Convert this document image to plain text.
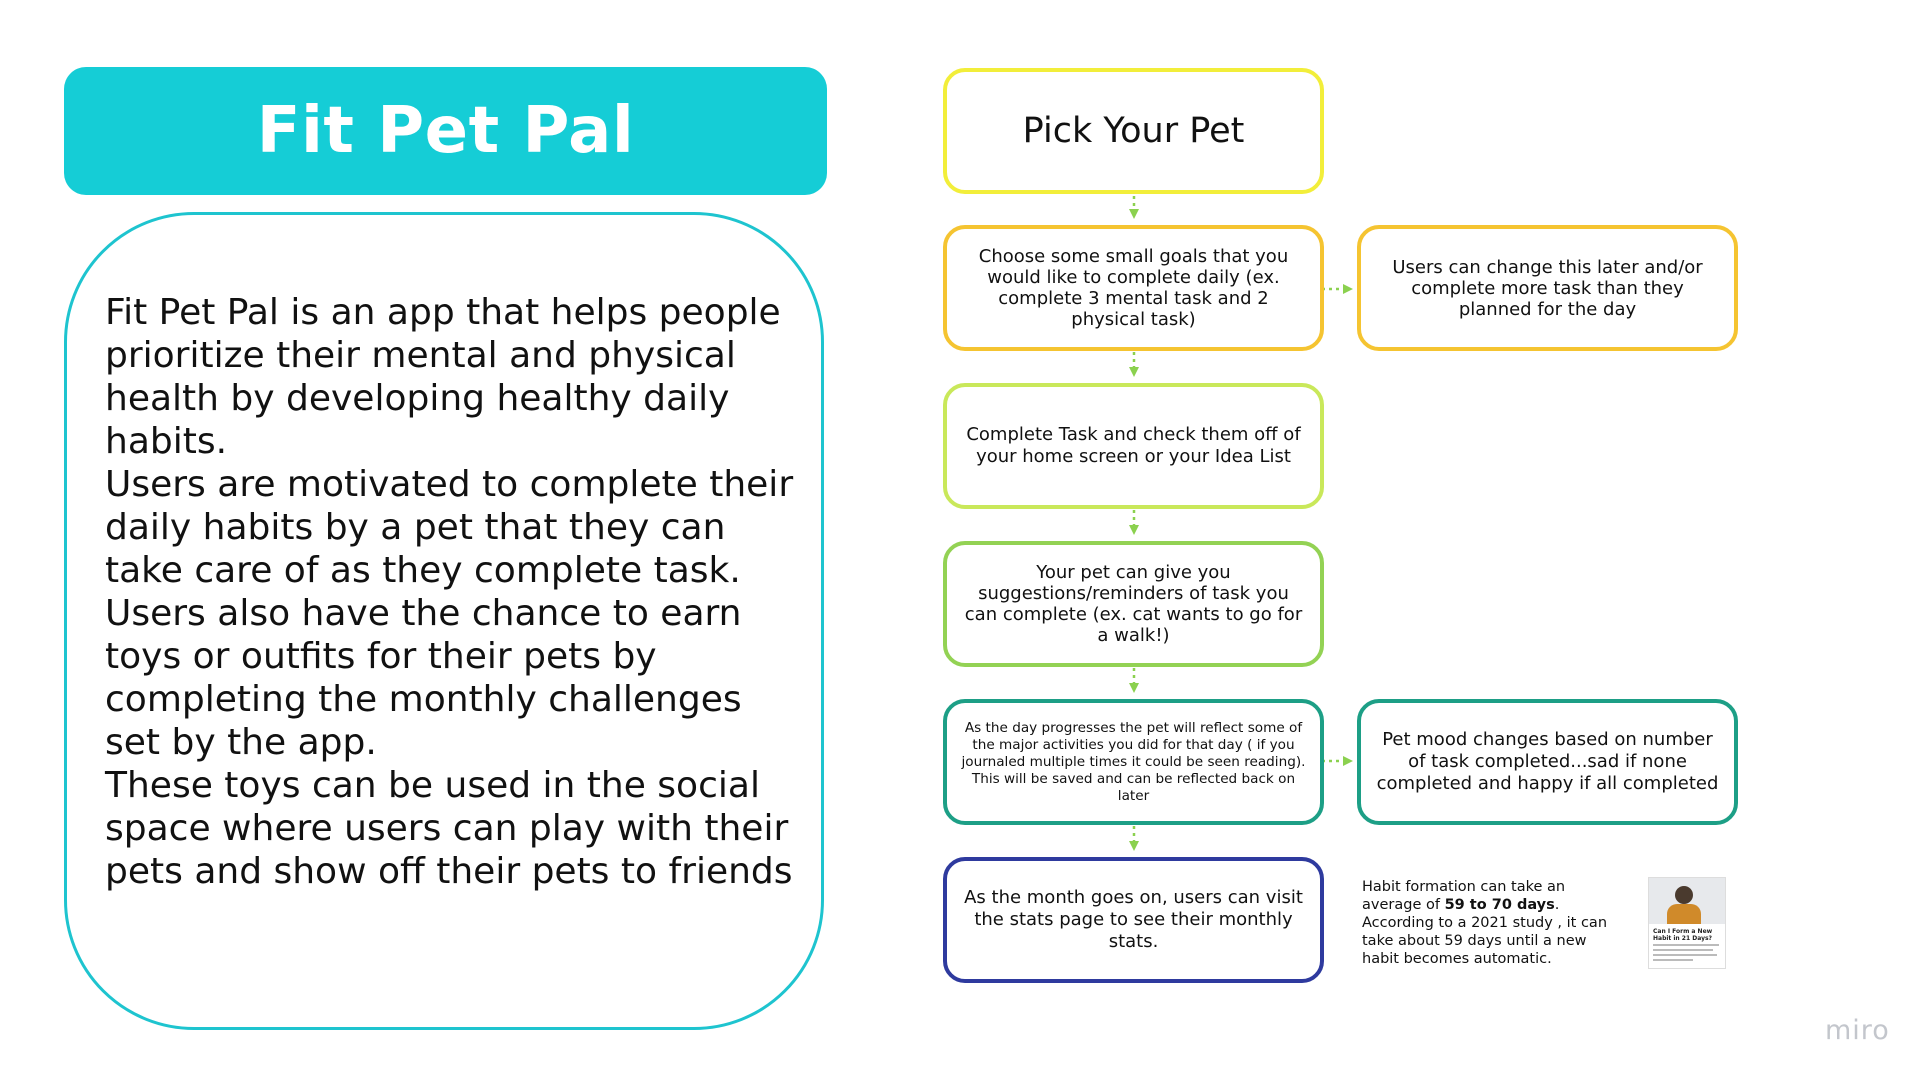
Fit Pet Pal

Fit Pet Pal is an app that helps people prioritize their mental and physical health by developing healthy daily habits.

Users are motivated to complete their daily habits by a pet that they can take care of as they complete task.

Users also have the chance to earn toys or outfits for their pets by completing the monthly challenges set by the app.

These toys can be used in the social space where users can play with their pets and show off their pets to friends

Pick Your Pet
Choose some small goals that you would like to complete daily (ex. complete 3 mental task and 2 physical task)
Users can change this later and/or complete more task than they planned for the day
Complete Task and check them off of your home screen or your Idea List
Your pet can give you suggestions/reminders of task you can complete (ex. cat wants to go for a walk!)
As the day progresses the pet will reflect some of the major activities you did for that day ( if you journaled multiple times it could be seen reading). This will be saved and can be reflected back on later
Pet mood changes based on number of task completed...sad if none completed and happy if all completed
As the month goes on, users can visit the stats page to see their monthly stats.
Habit formation can take an average of 59 to 70 days. According to a 2021 study , it can take about 59 days until a new habit becomes automatic.
Can I Form a New Habit in 21 Days?
miro
